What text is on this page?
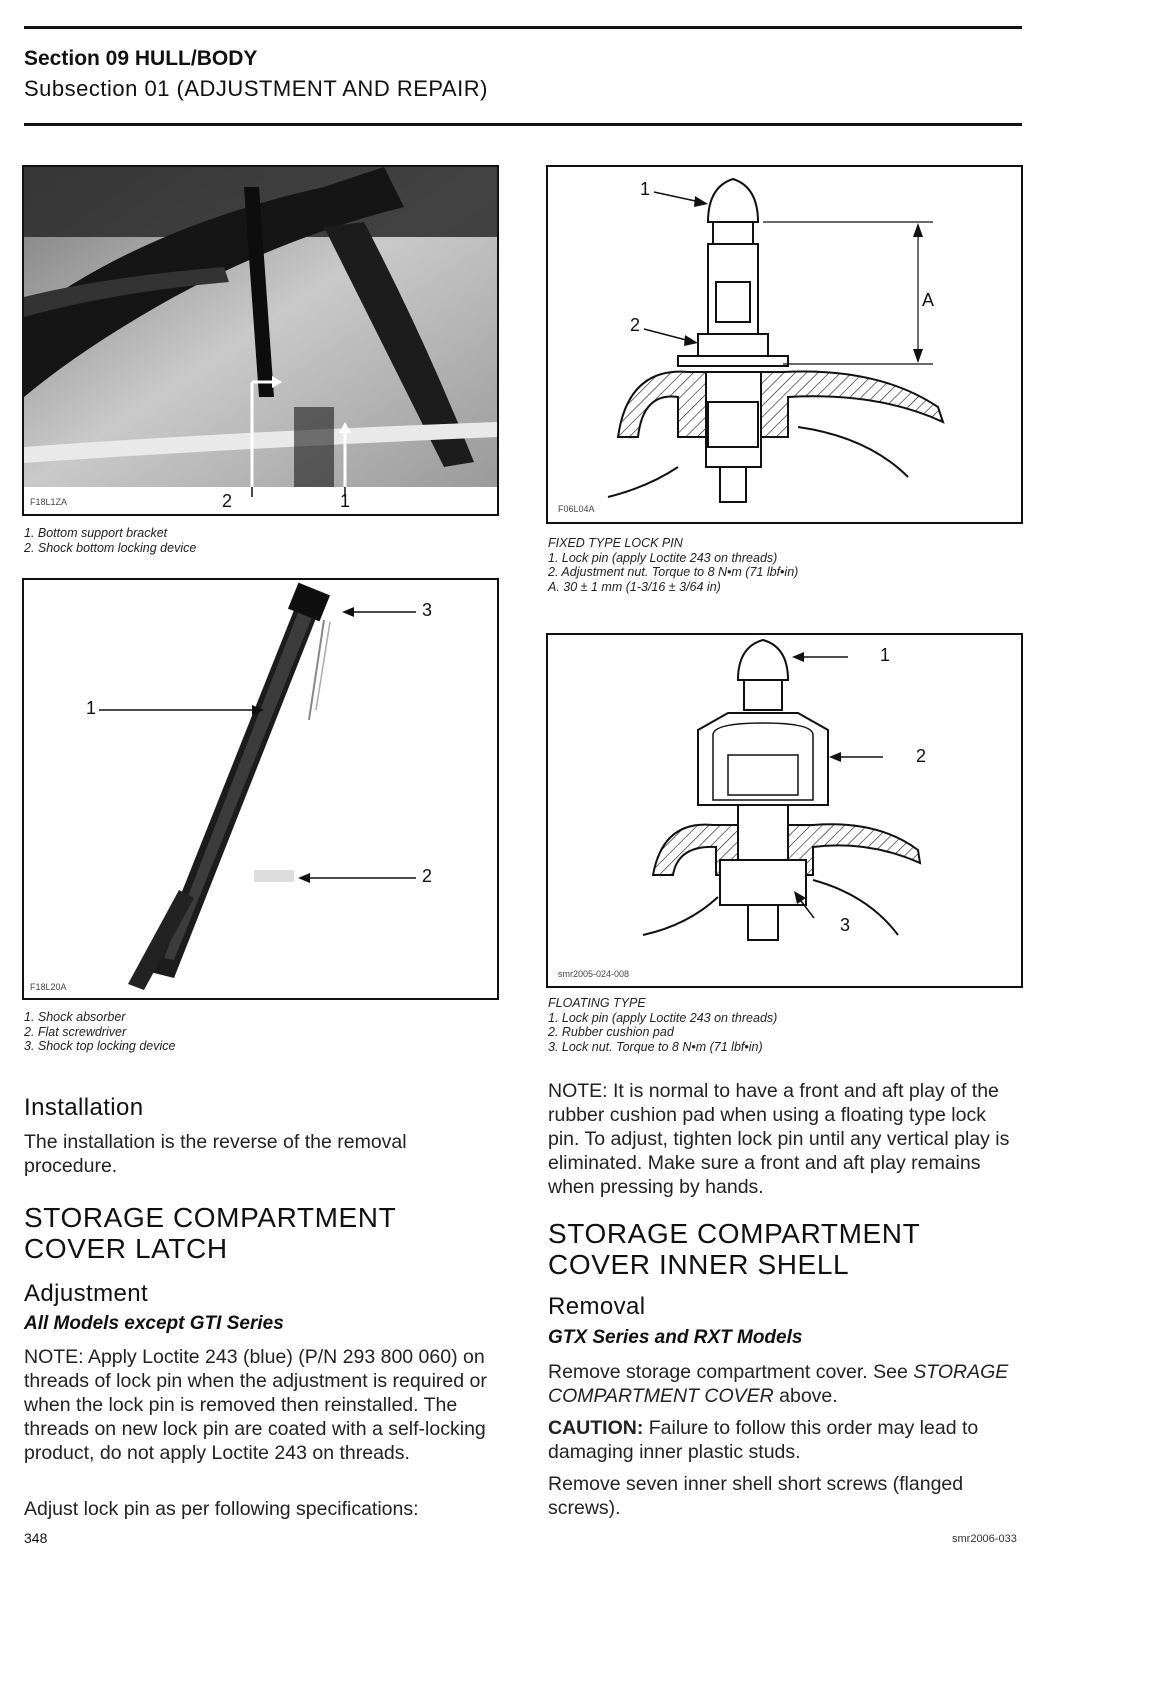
Section 09 HULL/BODY
Subsection 01 (ADJUSTMENT AND REPAIR)
F18L1ZA	2	1
1. Bottom support bracket
2. Shock bottom locking device
3
1
2
F18L20A
1. Shock absorber
2. Flat screwdriver
3. Shock top locking device
Installation
The installation is the reverse of the removal procedure.
STORAGE COMPARTMENT COVER LATCH
Adjustment
All Models except GTI Series
NOTE: Apply Loctite 243 (blue) (P/N 293 800 060) on threads of lock pin when the adjustment is required or when the lock pin is removed then reinstalled. The threads on new lock pin are coated with a self-locking product, do not apply Loctite 243 on threads.
Adjust lock pin as per following specifications:
1
2
A
F06L04A
FIXED TYPE LOCK PIN
1. Lock pin (apply Loctite 243 on threads)
2. Adjustment nut. Torque to 8 N•m (71 lbf•in)
A. 30 ± 1 mm (1-3/16 ± 3/64 in)
1
2
3
smr2005-024-008
FLOATING TYPE
1. Lock pin (apply Loctite 243 on threads)
2. Rubber cushion pad
3. Lock nut. Torque to 8 N•m (71 lbf•in)
NOTE: It is normal to have a front and aft play of the rubber cushion pad when using a floating type lock pin. To adjust, tighten lock pin until any vertical play is eliminated. Make sure a front and aft play remains when pressing by hands.
STORAGE COMPARTMENT COVER INNER SHELL
Removal
GTX Series and RXT Models
Remove storage compartment cover. See STORAGE COMPARTMENT COVER above.
CAUTION: Failure to follow this order may lead to damaging inner plastic studs.
Remove seven inner shell short screws (flanged screws).
348	smr2006-033
